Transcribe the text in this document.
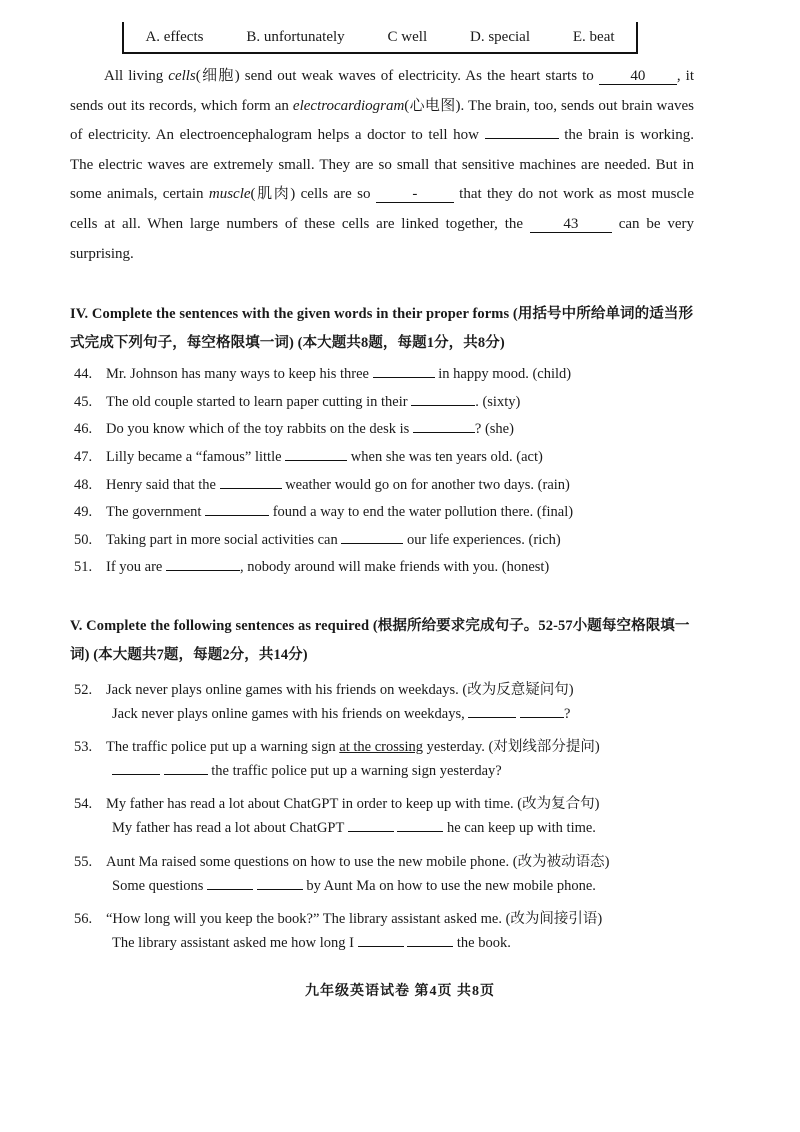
A. effects	B. unfortunately	C well	D. special	E. beat

All living cells(细胞) send out weak waves of electricity. As the heart starts to 40 , it sends out its records, which form an electrocardiogram(心电图). The brain, too, sends out brain waves of electricity. An electroencephalogram helps a doctor to tell how	the brain is working. The electric waves are extremely small. They are so small that sensitive machines are needed. But in some animals, certain muscle(肌肉) cells are so - that they do not work as most muscle cells at all. When large numbers of these cells are linked together, the 43 can be very surprising.

IV. Complete the sentences with the given words in their proper forms (用括号中所给单词的适当形式完成下列句子，每空格限填一词) (本大题共8题，每题1分，共8分)
44. Mr. Johnson has many ways to keep his three	in happy mood. (child)
45. The old couple started to learn paper cutting in their	. (sixty)
46. Do you know which of the toy rabbits on the desk is	? (she)
47. Lilly became a “famous” little	when she was ten years old. (act)
48. Henry said that the	weather would go on for another two days. (rain)
49. The government	found a way to end the water pollution there. (final)
50. Taking part in more social activities can	our life experiences. (rich)
51. If you are	, nobody around will make friends with you. (honest)
V. Complete the following sentences as required (根据所给要求完成句子。52-57小题每空格限填一词) (本大题共7题，每题2分，共14分)
52. Jack never plays online games with his friends on weekdays. (改为反意疑问句)
Jack never plays online games with his friends on weekdays,	?
53. The traffic police put up a warning sign at the crossing yesterday. (对划线部分提问)
the traffic police put up a warning sign yesterday?
54. My father has read a lot about ChatGPT in order to keep up with time. (改为复合句)
My father has read a lot about ChatGPT	he can keep up with time.
55. Aunt Ma raised some questions on how to use the new mobile phone. (改为被动语态)
Some questions	by Aunt Ma on how to use the new mobile phone.
56. “How long will you keep the book?” The library assistant asked me. (改为间接引语)
The library assistant asked me how long I	the book.
九年级英语试卷 第4页 共8页
